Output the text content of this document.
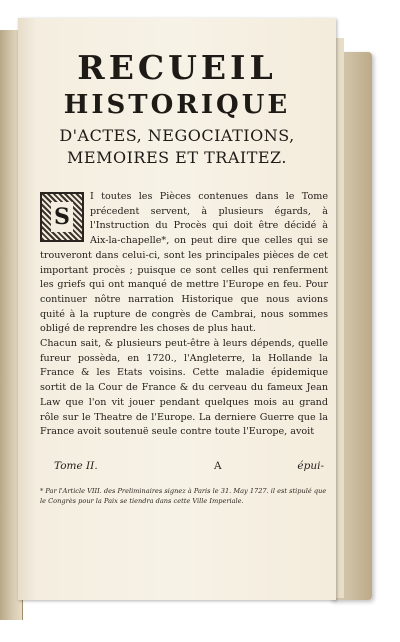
RECUEIL
HISTORIQUE
D'ACTES, NEGOCIATIONS,
MEMOIRES ET TRAITEZ.
S

I toutes les Pièces contenues dans le Tome précedent servent, à plusieurs égards, à l'Instruction du Procès qui doit être décidé à Aix-la-chapelle*, on peut dire que celles qui se trouveront dans celui-ci, sont les principales pièces de cet important procès ; puisque ce sont celles qui renferment les griefs qui ont manqué de mettre l'Europe en feu. Pour continuer nôtre narration Historique que nous avions quité à la rupture de congrès de Cambrai, nous sommes obligé de reprendre les choses de plus haut.

Chacun sait, & plusieurs peut-être à leurs dépends, quelle fureur possèda, en 1720., l'Angleterre, la Hollande la France & les Etats voisins. Cette maladie épidemique sortit de la Cour de France & du cerveau du fameux Jean Law que l'on vit jouer pendant quelques mois au grand rôle sur le Theatre de l'Europe. La derniere Guerre que la France avoit soutenuë seule contre toute l'Europe, avoit

Tome II.	A	épui-

* Par l'Article VIII. des Preliminaires signez à Paris le 31. May 1727. il est stipulé que le Congrès pour la Paix se tiendra dans cette Ville Imperiale.
